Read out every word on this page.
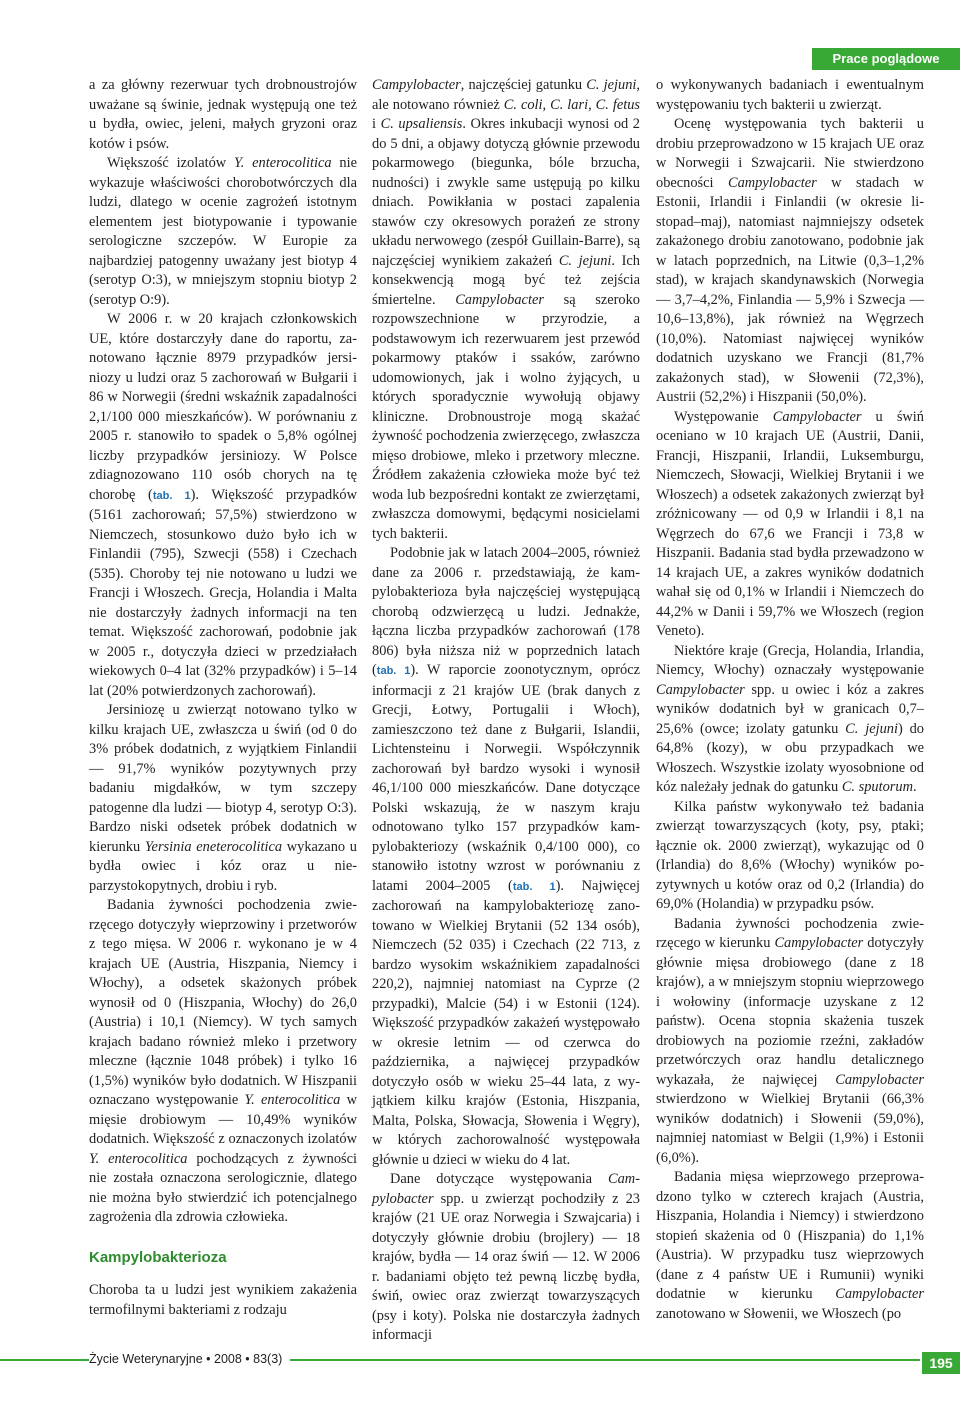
Prace poglądowe

a za główny rezerwuar tych drobnoustrojów uważane są świnie, jednak występują one też u bydła, owiec, jeleni, małych gryzoni oraz kotów i psów.

Większość izolatów Y. enterocolitica nie wykazuje właściwości chorobotwórczych dla ludzi, dlatego w ocenie zagrożeń istotnym elementem jest biotypowanie i typowanie serologiczne szczepów. W Europie za najbardziej patogenny uważany jest biotyp 4 (serotyp O:3), w mniejszym stopniu biotyp 2 (serotyp O:9).

W 2006 r. w 20 krajach członkowskich UE, które dostarczyły dane do raportu, zanotowano łącznie 8979 przypadków jersiniozy u ludzi oraz 5 zachorowań w Bułgarii i 86 w Norwegii (średni wskaźnik zapadalności 2,1/100 000 mieszkańców). W porównaniu z 2005 r. stanowiło to spadek o 5,8% ogólnej liczby przypadków jersiniozy. W Polsce zdiagnozowano 110 osób chorych na tę chorobę (tab. 1). Większość przypadków (5161 zachorowań; 57,5%) stwierdzono w Niemczech, stosunkowo dużo było ich w Finlandii (795), Szwecji (558) i Czechach (535). Choroby tej nie notowano u ludzi we Francji i Włoszech. Grecja, Holandia i Malta nie dostarczyły żadnych informacji na ten temat. Większość zachorowań, podobnie jak w 2005 r., dotyczyła dzieci w przedziałach wiekowych 0–4 lat (32% przypadków) i 5–14 lat (20% potwierdzonych zachorowań).

Jersiniozę u zwierząt notowano tylko w kilku krajach UE, zwłaszcza u świń (od 0 do 3% próbek dodatnich, z wyjątkiem Finlandii — 91,7% wyników pozytywnych przy badaniu migdałków, w tym szczepy patogenne dla ludzi — biotyp 4, serotyp O:3). Bardzo niski odsetek próbek dodatnich w kierunku Yersinia eneterocolitica wykazano u bydła owiec i kóz oraz u nieparzystokopytnych, drobiu i ryb.

Badania żywności pochodzenia zwierzęcego dotyczyły wieprzowiny i przetworów z tego mięsa. W 2006 r. wykonano je w 4 krajach UE (Austria, Hiszpania, Niemcy i Włochy), a odsetek skażonych próbek wynosił od 0 (Hiszpania, Włochy) do 26,0 (Austria) i 10,1 (Niemcy). W tych samych krajach badano również mleko i przetwory mleczne (łącznie 1048 próbek) i tylko 16 (1,5%) wyników było dodatnich. W Hiszpanii oznaczano występowanie Y. enterocolitica w mięsie drobiowym — 10,49% wyników dodatnich. Większość z oznaczonych izolatów Y. enterocolitica pochodzących z żywności nie została oznaczona serologicznie, dlatego nie można było stwierdzić ich potencjalnego zagrożenia dla zdrowia człowieka.

Kampylobakterioza

Choroba ta u ludzi jest wynikiem zakażenia termofilnymi bakteriami z rodzaju

Campylobacter, najczęściej gatunku C. jejuni, ale notowano również C. coli, C. lari, C. fetus i C. upsaliensis. Okres inkubacji wynosi od 2 do 5 dni, a objawy dotyczą głównie przewodu pokarmowego (biegunka, bóle brzucha, nudności) i zwykle same ustępują po kilku dniach. Powikłania w postaci zapalenia stawów czy okresowych porażeń ze strony układu nerwowego (zespół Guillain-Barre), są najczęściej wynikiem zakażeń C. jejuni. Ich konsekwencją mogą być też zejścia śmiertelne. Campylobacter są szeroko rozpowszechnione w przyrodzie, a podstawowym ich rezerwuarem jest przewód pokarmowy ptaków i ssaków, zarówno udomowionych, jak i wolno żyjących, u których sporadycznie wywołują objawy kliniczne. Drobnoustroje mogą skażać żywność pochodzenia zwierzęcego, zwłaszcza mięso drobiowe, mleko i przetwory mleczne. Źródłem zakażenia człowieka może być też woda lub bezpośredni kontakt ze zwierzętami, zwłaszcza domowymi, będącymi nosicielami tych bakterii.

Podobnie jak w latach 2004–2005, również dane za 2006 r. przedstawiają, że kampylobakterioza była najczęściej występującą chorobą odzwierzęcą u ludzi. Jednakże, łączna liczba przypadków zachorowań (178 806) była niższa niż w poprzednich latach (tab. 1). W raporcie zoonotycznym, oprócz informacji z 21 krajów UE (brak danych z Grecji, Łotwy, Portugalii i Włoch), zamieszczono też dane z Bułgarii, Islandii, Lichtensteinu i Norwegii. Współczynnik zachorowań był bardzo wysoki i wynosił 46,1/100 000 mieszkańców. Dane dotyczące Polski wskazują, że w naszym kraju odnotowano tylko 157 przypadków kampylobakteriozy (wskaźnik 0,4/100 000), co stanowiło istotny wzrost w porównaniu z latami 2004–2005 (tab. 1). Najwięcej zachorowań na kampylobakteriozę zanotowano w Wielkiej Brytanii (52 134 osób), Niemczech (52 035) i Czechach (22 713, z bardzo wysokim wskaźnikiem zapadalności 220,2), najmniej natomiast na Cyprze (2 przypadki), Malcie (54) i w Estonii (124). Większość przypadków zakażeń występowało w okresie letnim — od czerwca do października, a najwięcej przypadków dotyczyło osób w wieku 25–44 lata, z wyjątkiem kilku krajów (Estonia, Hiszpania, Malta, Polska, Słowacja, Słowenia i Węgry), w których zachorowalność występowała głównie u dzieci w wieku do 4 lat.

Dane dotyczące występowania Campylobacter spp. u zwierząt pochodziły z 23 krajów (21 UE oraz Norwegia i Szwajcaria) i dotyczyły głównie drobiu (brojlery) — 18 krajów, bydła — 14 oraz świń — 12. W 2006 r. badaniami objęto też pewną liczbę bydła, świń, owiec oraz zwierząt towarzyszących (psy i koty). Polska nie dostarczyła żadnych informacji

o wykonywanych badaniach i ewentualnym występowaniu tych bakterii u zwierząt.

Ocenę występowania tych bakterii u drobiu przeprowadzono w 15 krajach UE oraz w Norwegii i Szwajcarii. Nie stwierdzono obecności Campylobacter w stadach w Estonii, Irlandii i Finlandii (w okresie listopad–maj), natomiast najmniejszy odsetek zakażonego drobiu zanotowano, podobnie jak w latach poprzednich, na Litwie (0,3–1,2% stad), w krajach skandynawskich (Norwegia — 3,7–4,2%, Finlandia — 5,9% i Szwecja — 10,6–13,8%), jak również na Węgrzech (10,0%). Natomiast najwięcej wyników dodatnich uzyskano we Francji (81,7% zakażonych stad), w Słowenii (72,3%), Austrii (52,2%) i Hiszpanii (50,0%).

Występowanie Campylobacter u świń oceniano w 10 krajach UE (Austrii, Danii, Francji, Hiszpanii, Irlandii, Luksemburgu, Niemczech, Słowacji, Wielkiej Brytanii i we Włoszech) a odsetek zakażonych zwierząt był zróżnicowany — od 0,9 w Irlandii i 8,1 na Węgrzech do 67,6 we Francji i 73,8 w Hiszpanii. Badania stad bydła przewadzono w 14 krajach UE, a zakres wyników dodatnich wahał się od 0,1% w Irlandii i Niemczech do 44,2% w Danii i 59,7% we Włoszech (region Veneto).

Niektóre kraje (Grecja, Holandia, Irlandia, Niemcy, Włochy) oznaczały występowanie Campylobacter spp. u owiec i kóz a zakres wyników dodatnich był w granicach 0,7–25,6% (owce; izolaty gatunku C. jejuni) do 64,8% (kozy), w obu przypadkach we Włoszech. Wszystkie izolaty wyosobnione od kóz należały jednak do gatunku C. sputorum.

Kilka państw wykonywało też badania zwierząt towarzyszących (koty, psy, ptaki; łącznie ok. 2000 zwierząt), wykazując od 0 (Irlandia) do 8,6% (Włochy) wyników pozytywnych u kotów oraz od 0,2 (Irlandia) do 69,0% (Holandia) w przypadku psów.

Badania żywności pochodzenia zwierzęcego w kierunku Campylobacter dotyczyły głównie mięsa drobiowego (dane z 18 krajów), a w mniejszym stopniu wieprzowego i wołowiny (informacje uzyskane z 12 państw). Ocena stopnia skażenia tuszek drobiowych na poziomie rzeźni, zakładów przetwórczych oraz handlu detalicznego wykazała, że najwięcej Campylobacter stwierdzono w Wielkiej Brytanii (66,3% wyników dodatnich) i Słowenii (59,0%), najmniej natomiast w Belgii (1,9%) i Estonii (6,0%).

Badania mięsa wieprzowego przeprowadzono tylko w czterech krajach (Austria, Hiszpania, Holandia i Niemcy) i stwierdzono stopień skażenia od 0 (Hiszpania) do 1,1% (Austria). W przypadku tusz wieprzowych (dane z 4 państw UE i Rumunii) wyniki dodatnie w kierunku Campylobacter zanotowano w Słowenii, we Włoszech (po

Życie Weterynaryjne • 2008 • 83(3)	195
